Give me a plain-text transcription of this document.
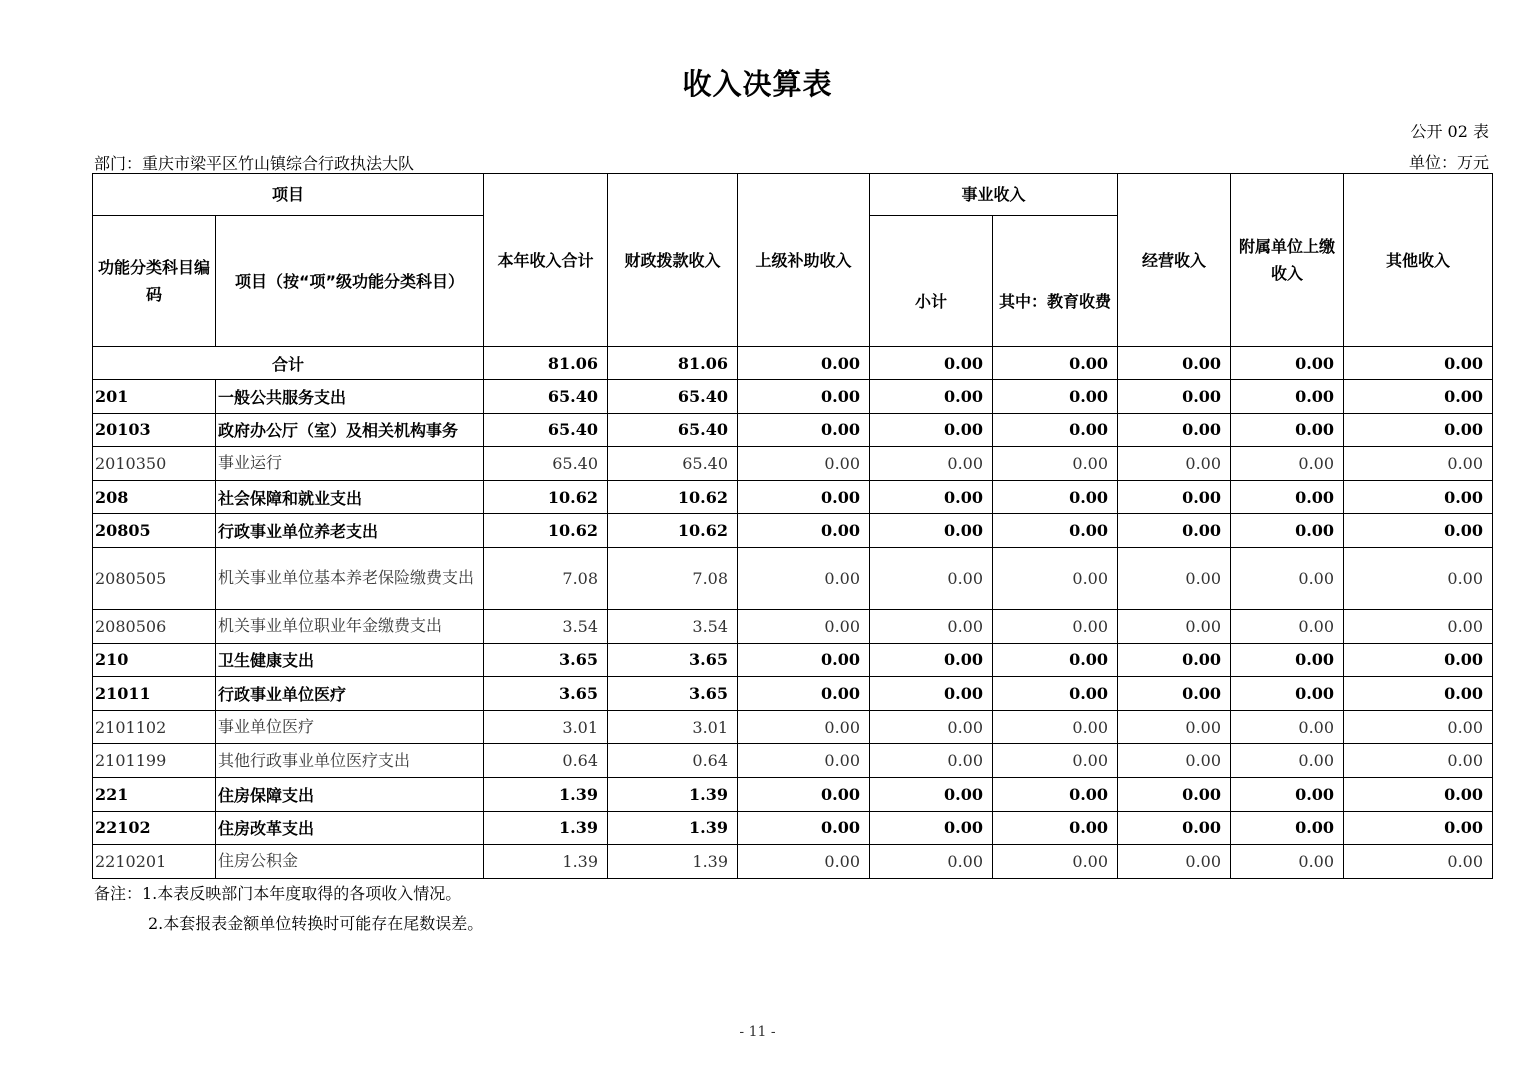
收入决算表
公开 02 表
部门：重庆市梁平区竹山镇综合行政执法大队	单位：万元
项目		本年收入合计	财政拨款收入	上级补助收入	事业收入		经营收入	附属单位上缴收入	其他收入
功能分类科目编码	项目（按“项”级功能分类科目）				小计	其中：教育收费			
合计		81.06	81.06	0.00	0.00	0.00	0.00	0.00	0.00
201	一般公共服务支出	65.40	65.40	0.00	0.00	0.00	0.00	0.00	0.00
20103	政府办公厅（室）及相关机构事务	65.40	65.40	0.00	0.00	0.00	0.00	0.00	0.00
2010350	事业运行	65.40	65.40	0.00	0.00	0.00	0.00	0.00	0.00
208	社会保障和就业支出	10.62	10.62	0.00	0.00	0.00	0.00	0.00	0.00
20805	行政事业单位养老支出	10.62	10.62	0.00	0.00	0.00	0.00	0.00	0.00
2080505	机关事业单位基本养老保险缴费支出	7.08	7.08	0.00	0.00	0.00	0.00	0.00	0.00
2080506	机关事业单位职业年金缴费支出	3.54	3.54	0.00	0.00	0.00	0.00	0.00	0.00
210	卫生健康支出	3.65	3.65	0.00	0.00	0.00	0.00	0.00	0.00
21011	行政事业单位医疗	3.65	3.65	0.00	0.00	0.00	0.00	0.00	0.00
2101102	事业单位医疗	3.01	3.01	0.00	0.00	0.00	0.00	0.00	0.00
2101199	其他行政事业单位医疗支出	0.64	0.64	0.00	0.00	0.00	0.00	0.00	0.00
221	住房保障支出	1.39	1.39	0.00	0.00	0.00	0.00	0.00	0.00
22102	住房改革支出	1.39	1.39	0.00	0.00	0.00	0.00	0.00	0.00
2210201	住房公积金	1.39	1.39	0.00	0.00	0.00	0.00	0.00	0.00
备注：1.本表反映部门本年度取得的各项收入情况。
2.本套报表金额单位转换时可能存在尾数误差。
- 11 -
